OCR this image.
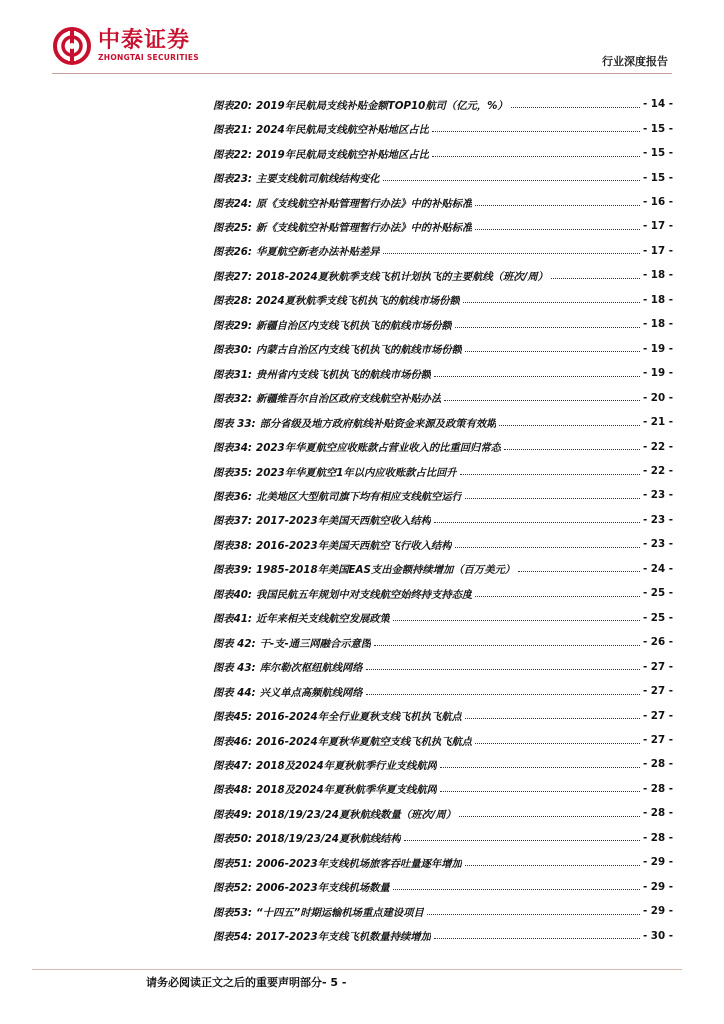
中泰证券
ZHONGTAI SECURITIES	行业深度报告
图表20: 2019年民航局支线补贴金额TOP10航司（亿元，%）	- 14 -
图表21: 2024年民航局支线航空补贴地区占比	- 15 -
图表22: 2019年民航局支线航空补贴地区占比	- 15 -
图表23: 主要支线航司航线结构变化	- 15 -
图表24: 原《支线航空补贴管理暂行办法》中的补贴标准	- 16 -
图表25: 新《支线航空补贴管理暂行办法》中的补贴标准	- 17 -
图表26: 华夏航空新老办法补贴差异	- 17 -
图表27: 2018-2024夏秋航季支线飞机计划执飞的主要航线（班次/周）	- 18 -
图表28: 2024夏秋航季支线飞机执飞的航线市场份额	- 18 -
图表29: 新疆自治区内支线飞机执飞的航线市场份额	- 18 -
图表30: 内蒙古自治区内支线飞机执飞的航线市场份额	- 19 -
图表31: 贵州省内支线飞机执飞的航线市场份额	- 19 -
图表32: 新疆维吾尔自治区政府支线航空补贴办法	- 20 -
图表 33: 部分省级及地方政府航线补贴资金来源及政策有效期	- 21 -
图表34: 2023年华夏航空应收账款占营业收入的比重回归常态	- 22 -
图表35: 2023年华夏航空1年以内应收账款占比回升	- 22 -
图表36: 北美地区大型航司旗下均有相应支线航空运行	- 23 -
图表37: 2017-2023年美国天西航空收入结构	- 23 -
图表38: 2016-2023年美国天西航空飞行收入结构	- 23 -
图表39: 1985-2018年美国EAS支出金额持续增加（百万美元）	- 24 -
图表40: 我国民航五年规划中对支线航空始终持支持态度	- 25 -
图表41: 近年来相关支线航空发展政策	- 25 -
图表 42: 干-支-通三网融合示意图	- 26 -
图表 43: 库尔勒次枢纽航线网络	- 27 -
图表 44: 兴义单点高频航线网络	- 27 -
图表45: 2016-2024年全行业夏秋支线飞机执飞航点	- 27 -
图表46: 2016-2024年夏秋华夏航空支线飞机执飞航点	- 27 -
图表47: 2018及2024年夏秋航季行业支线航网	- 28 -
图表48: 2018及2024年夏秋航季华夏支线航网	- 28 -
图表49: 2018/19/23/24夏秋航线数量（班次/周）	- 28 -
图表50: 2018/19/23/24夏秋航线结构	- 28 -
图表51: 2006-2023年支线机场旅客吞吐量逐年增加	- 29 -
图表52: 2006-2023年支线机场数量	- 29 -
图表53: “十四五”时期运输机场重点建设项目	- 29 -
图表54: 2017-2023年支线飞机数量持续增加	- 30 -
请务必阅读正文之后的重要声明部分- 5 -
